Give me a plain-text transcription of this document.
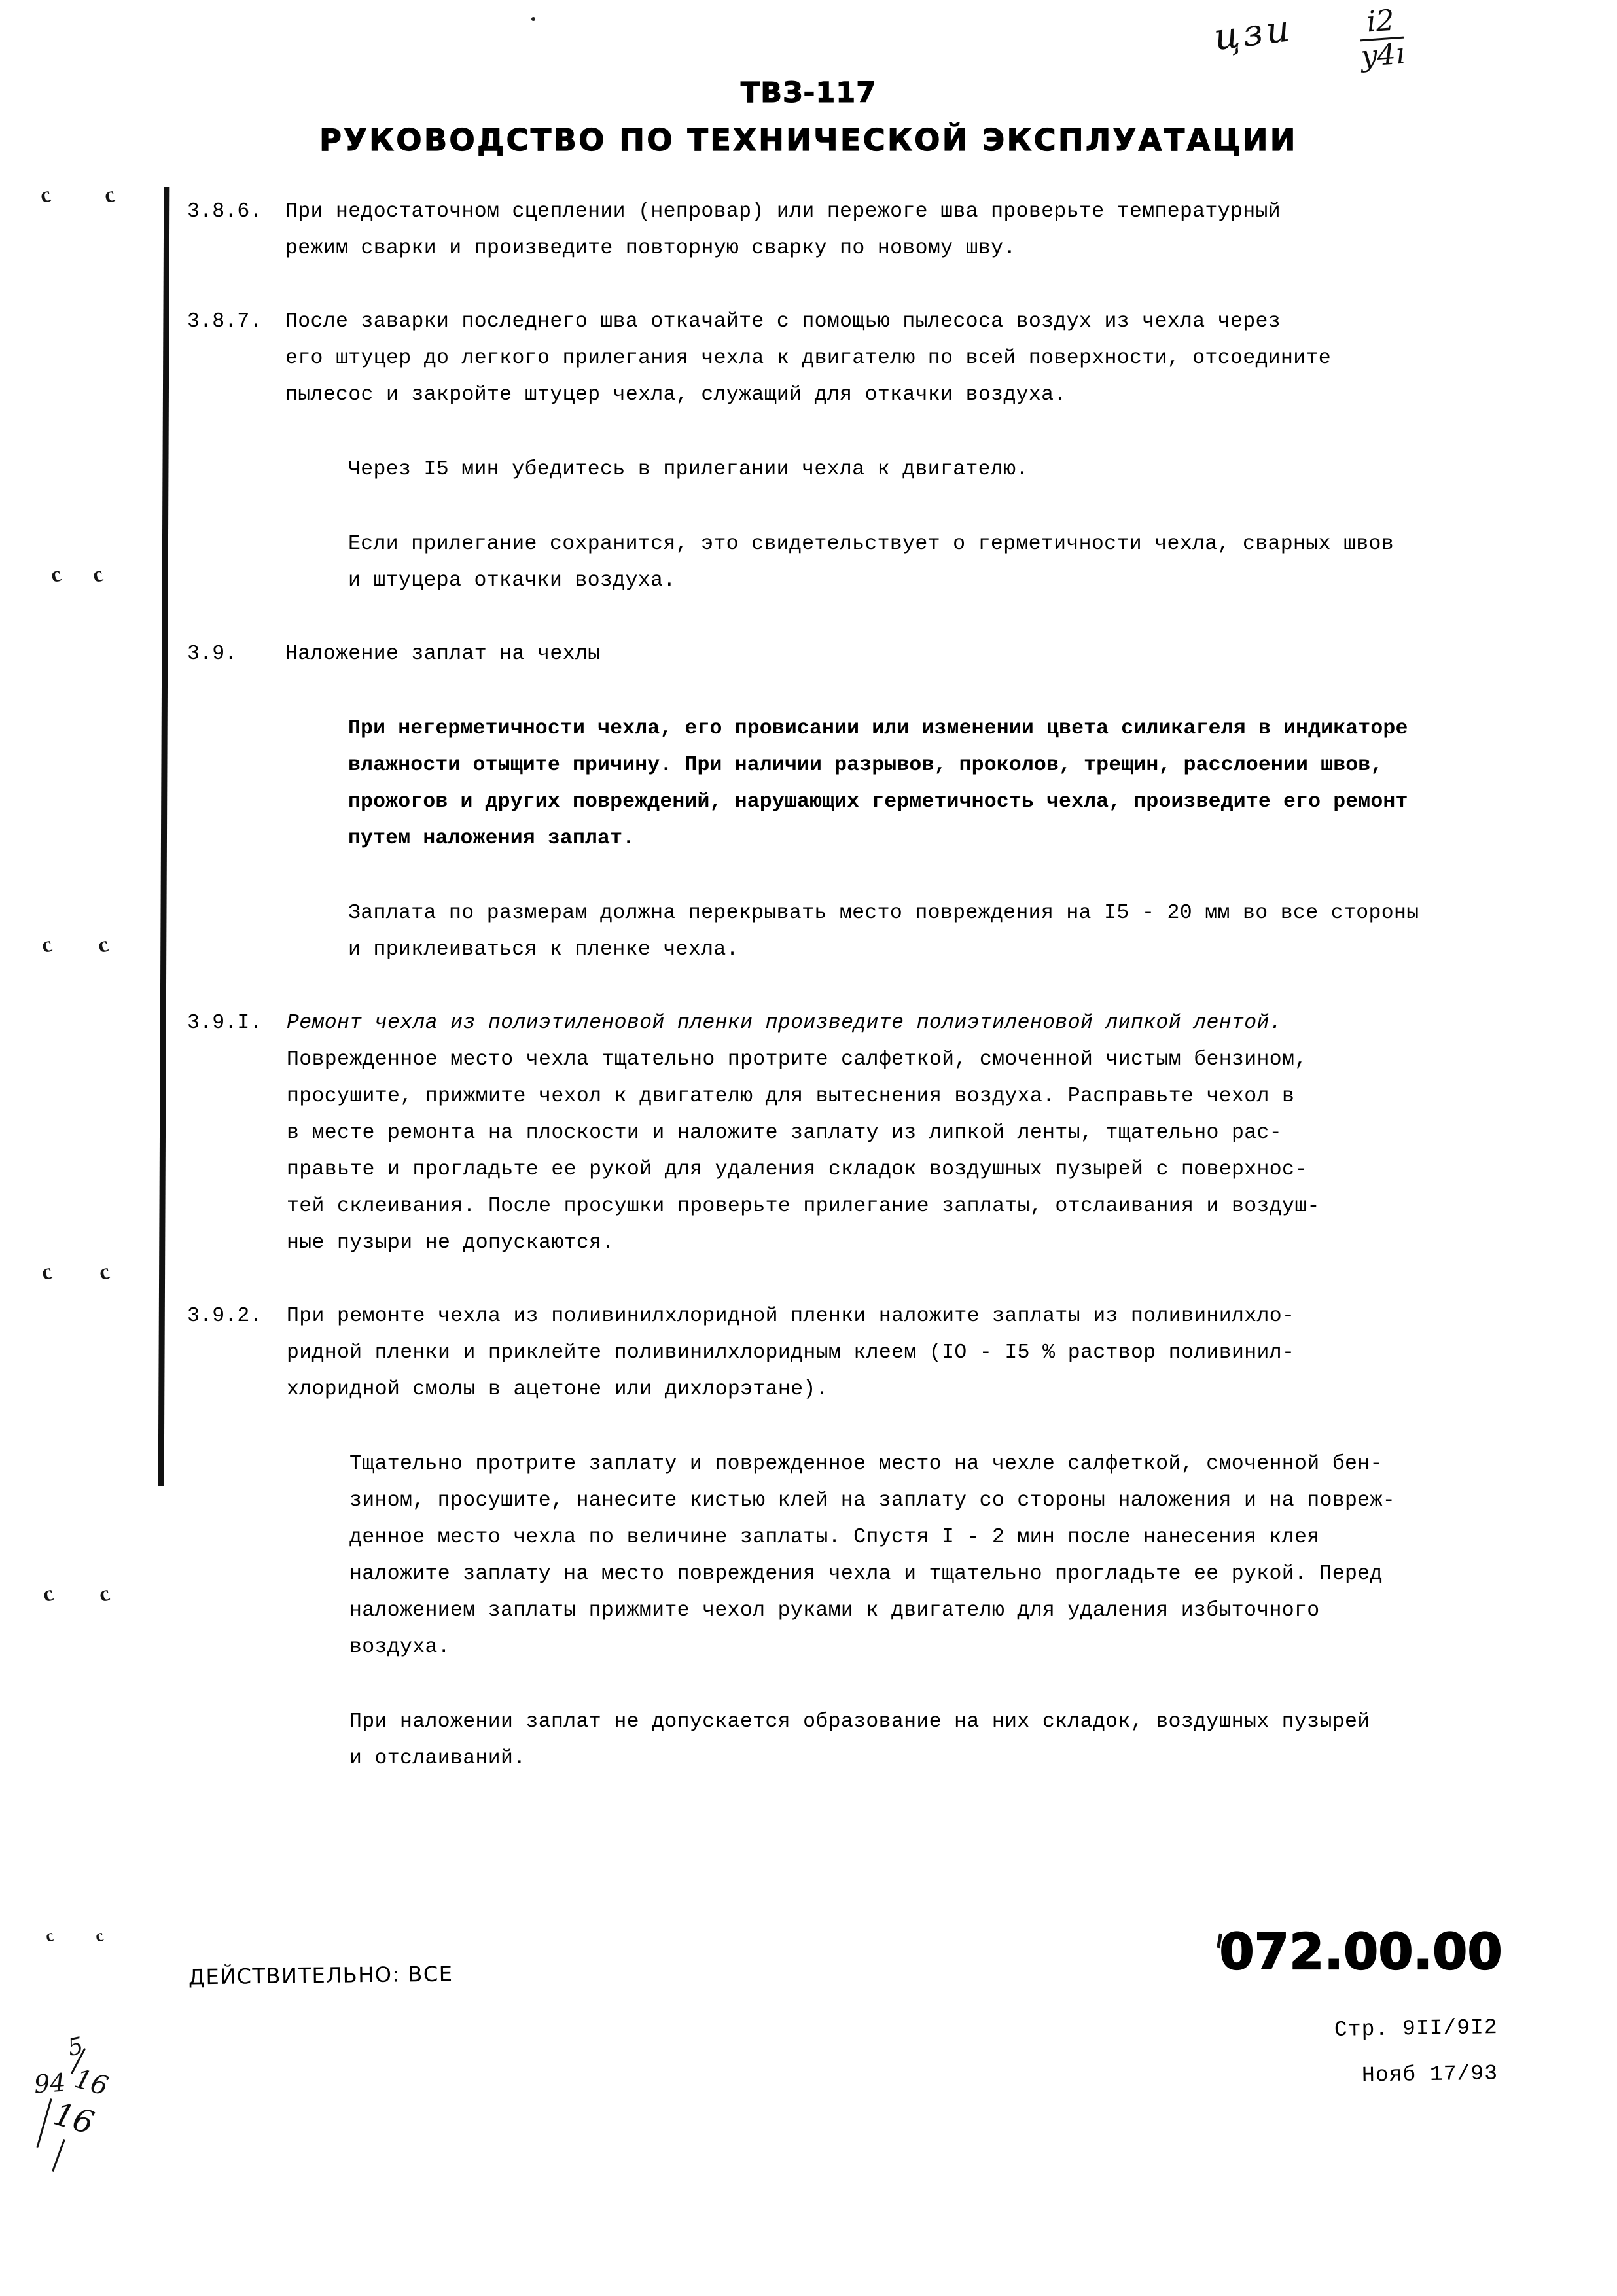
ТВЗ-117
РУКОВОДСТВО ПО ТЕХНИЧЕСКОЙ ЭКСПЛУАТАЦИИ
цзи i2
y4ı
c c
c c
c c
c c
c c
c c
3.8.6.	При недостаточном сцеплении (непровар) или пережоге шва проверьте температурный
режим сварки и произведите повторную сварку по новому шву.
3.8.7.	После заварки последнего шва откачайте с помощью пылесоса воздух из чехла через
его штуцер до легкого прилегания чехла к двигателю по всей поверхности, отсоедините
пылесос и закройте штуцер чехла, служащий для откачки воздуха.
Через I5 мин убедитесь в прилегании чехла к двигателю.
Если прилегание сохранится, это свидетельствует о герметичности чехла, сварных швов
и штуцера откачки воздуха.
3.9.	Наложение заплат на чехлы
При негерметичности чехла, его провисании или изменении цвета силикагеля в индикаторе
влажности отыщите причину. При наличии разрывов, проколов, трещин, расслоении швов,
прожогов и других повреждений, нарушающих герметичность чехла, произведите его ремонт
путем наложения заплат.
Заплата по размерам должна перекрывать место повреждения на I5 - 20 мм во все стороны
и приклеиваться к пленке чехла.
3.9.I.	Ремонт чехла из полиэтиленовой пленки произведите полиэтиленовой липкой лентой.
Поврежденное место чехла тщательно протрите салфеткой, смоченной чистым бензином,
просушите, прижмите чехол к двигателю для вытеснения воздуха. Расправьте чехол в
в месте ремонта на плоскости и наложите заплату из липкой ленты, тщательно рас-
правьте и прогладьте ее рукой для удаления складок воздушных пузырей с поверхнос-
тей склеивания. После просушки проверьте прилегание заплаты, отслаивания и воздуш-
ные пузыри не допускаются.
3.9.2.	При ремонте чехла из поливинилхлоридной пленки наложите заплаты из поливинилхло-
ридной пленки и приклейте поливинилхлоридным клеем (IO - I5 % раствор поливинил-
хлоридной смолы в ацетоне или дихлорэтане).
Тщательно протрите заплату и поврежденное место на чехле салфеткой, смоченной бен-
зином, просушите, нанесите кистью клей на заплату со стороны наложения и на повреж-
денное место чехла по величине заплаты. Спустя I - 2 мин после нанесения клея
наложите заплату на место повреждения чехла и тщательно прогладьте ее рукой. Перед
наложением заплаты прижмите чехол руками к двигателю для удаления избыточного
воздуха.
При наложении заплат не допускается образование на них складок, воздушных пузырей
и отслаиваний.
ДЕЙСТВИТЕЛЬНО: ВСЕ	072.00.00
Стр. 9II/9I2
Нояб 17/93
5
94 16
16
